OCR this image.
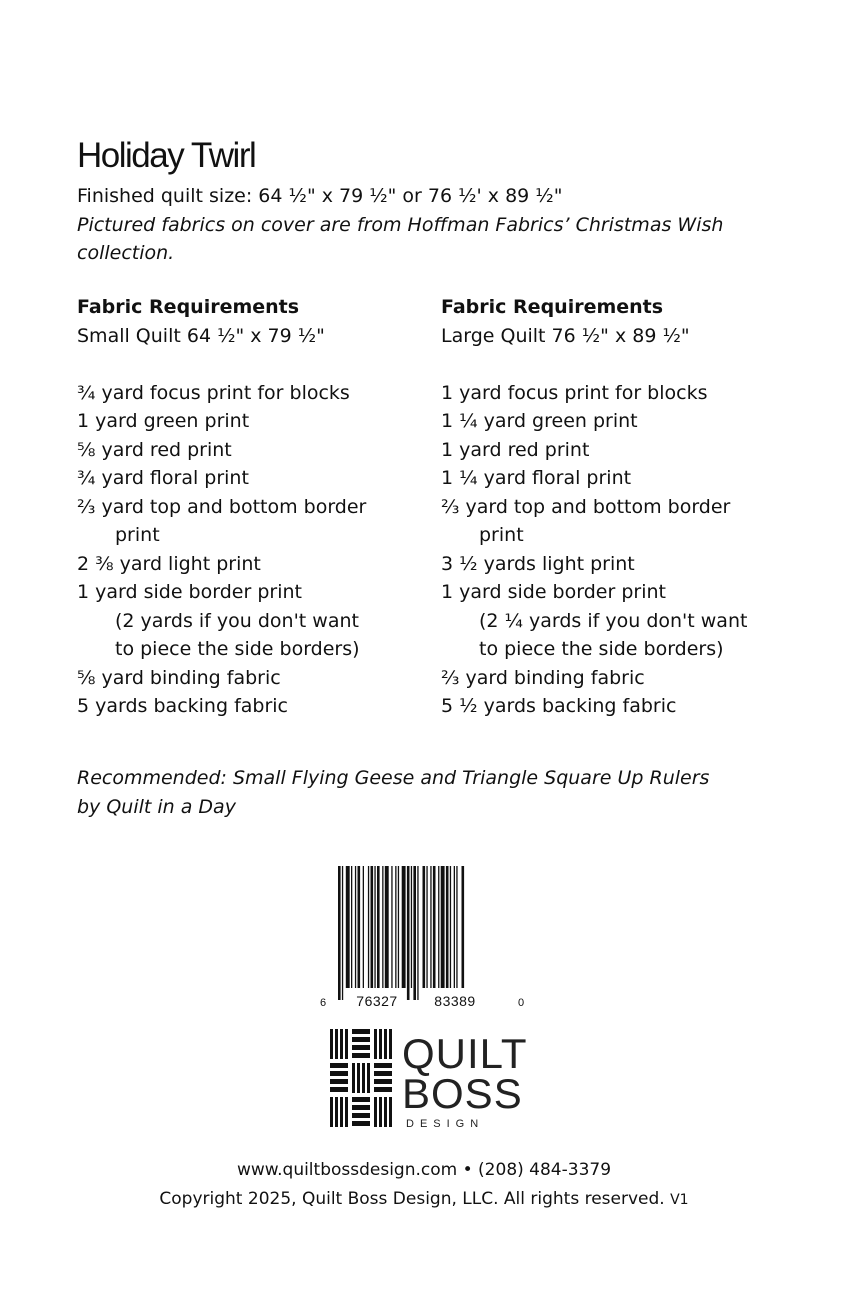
Holiday Twirl
Finished quilt size: 64 ½" x 79 ½" or 76 ½' x 89 ½"
Pictured fabrics on cover are from Hoffman Fabrics’ Christmas Wish
collection.
Fabric Requirements
Small Quilt 64 ½" x 79 ½"
¾ yard focus print for blocks
1 yard green print
⅝ yard red print
¾ yard floral print
⅔ yard top and bottom border
print
2 ⅜ yard light print
1 yard side border print
(2 yards if you don't want
to piece the side borders)
⅝ yard binding fabric
5 yards backing fabric
Fabric Requirements
Large Quilt 76 ½" x 89 ½"
1 yard focus print for blocks
1 ¼ yard green print
1 yard red print
1 ¼ yard floral print
⅔ yard top and bottom border
print
3 ½ yards light print
1 yard side border print
(2 ¼ yards if you don't want
to piece the side borders)
⅔ yard binding fabric
5 ½ yards backing fabric
Recommended: Small Flying Geese and Triangle Square Up Rulers
by Quilt in a Day
6 76327	83389	0
QUILT
BOSS
DESIGN
www.quiltbossdesign.com • (208) 484-3379
Copyright 2025, Quilt Boss Design, LLC. All rights reserved. V1
